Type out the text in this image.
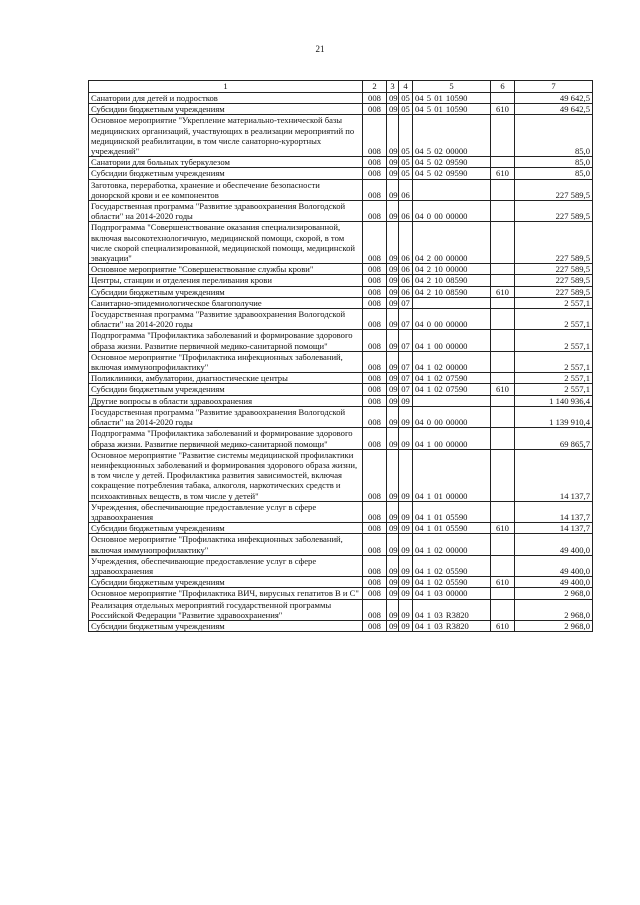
21
1	2	3	4	5	6	7
Санатории для детей и подростков	008	09	05	04 5 01 10590		49 642,5
Субсидии бюджетным учреждениям	008	09	05	04 5 01 10590	610	49 642,5
Основное мероприятие "Укрепление материально-технической базы медицинских организаций, участвующих в реализации мероприятий по медицинской реабилитации, в том числе санаторно-курортных учреждений"	008	09	05	04 5 02 00000		85,0
Санатории для больных туберкулезом	008	09	05	04 5 02 09590		85,0
Субсидии бюджетным учреждениям	008	09	05	04 5 02 09590	610	85,0
Заготовка, переработка, хранение и обеспечение безопасности донорской крови и ее компонентов	008	09	06			227 589,5
Государственная программа "Развитие здравоохранения Вологодской области" на 2014-2020 годы	008	09	06	04 0 00 00000		227 589,5
Подпрограмма "Совершенствование оказания специализированной, включая высокотехнологичную, медицинской помощи, скорой, в том числе скорой специализированной, медицинской помощи, медицинской эвакуации"	008	09	06	04 2 00 00000		227 589,5
Основное мероприятие "Совершенствование службы крови"	008	09	06	04 2 10 00000		227 589,5
Центры, станции и отделения переливания крови	008	09	06	04 2 10 08590		227 589,5
Субсидии бюджетным учреждениям	008	09	06	04 2 10 08590	610	227 589,5
Санитарно-эпидемиологическое благополучие	008	09	07			2 557,1
Государственная программа "Развитие здравоохранения Вологодской области" на 2014-2020 годы	008	09	07	04 0 00 00000		2 557,1
Подпрограмма "Профилактика заболеваний и формирование здорового образа жизни. Развитие первичной медико-санитарной помощи"	008	09	07	04 1 00 00000		2 557,1
Основное мероприятие "Профилактика инфекционных заболеваний, включая иммунопрофилактику"	008	09	07	04 1 02 00000		2 557,1
Поликлиники, амбулатории, диагностические центры	008	09	07	04 1 02 07590		2 557,1
Субсидии бюджетным учреждениям	008	09	07	04 1 02 07590	610	2 557,1
Другие вопросы в области здравоохранения	008	09	09			1 140 936,4
Государственная программа "Развитие здравоохранения Вологодской области" на 2014-2020 годы	008	09	09	04 0 00 00000		1 139 910,4
Подпрограмма "Профилактика заболеваний и формирование здорового образа жизни. Развитие первичной медико-санитарной помощи"	008	09	09	04 1 00 00000		69 865,7
Основное мероприятие "Развитие системы медицинской профилактики неинфекционных заболеваний и формирования здорового образа жизни, в том числе у детей. Профилактика развития зависимостей, включая сокращение потребления табака, алкоголя, наркотических средств и психоактивных веществ, в том числе у детей"	008	09	09	04 1 01 00000		14 137,7
Учреждения, обеспечивающие предоставление услуг в сфере здравоохранения	008	09	09	04 1 01 05590		14 137,7
Субсидии бюджетным учреждениям	008	09	09	04 1 01 05590	610	14 137,7
Основное мероприятие "Профилактика инфекционных заболеваний, включая иммунопрофилактику"	008	09	09	04 1 02 00000		49 400,0
Учреждения, обеспечивающие предоставление услуг в сфере здравоохранения	008	09	09	04 1 02 05590		49 400,0
Субсидии бюджетным учреждениям	008	09	09	04 1 02 05590	610	49 400,0
Основное мероприятие "Профилактика ВИЧ, вирусных гепатитов В и С"	008	09	09	04 1 03 00000		2 968,0
Реализация отдельных мероприятий государственной программы Российской Федерации "Развитие здравоохранения"	008	09	09	04 1 03 R3820		2 968,0
Субсидии бюджетным учреждениям	008	09	09	04 1 03 R3820	610	2 968,0
